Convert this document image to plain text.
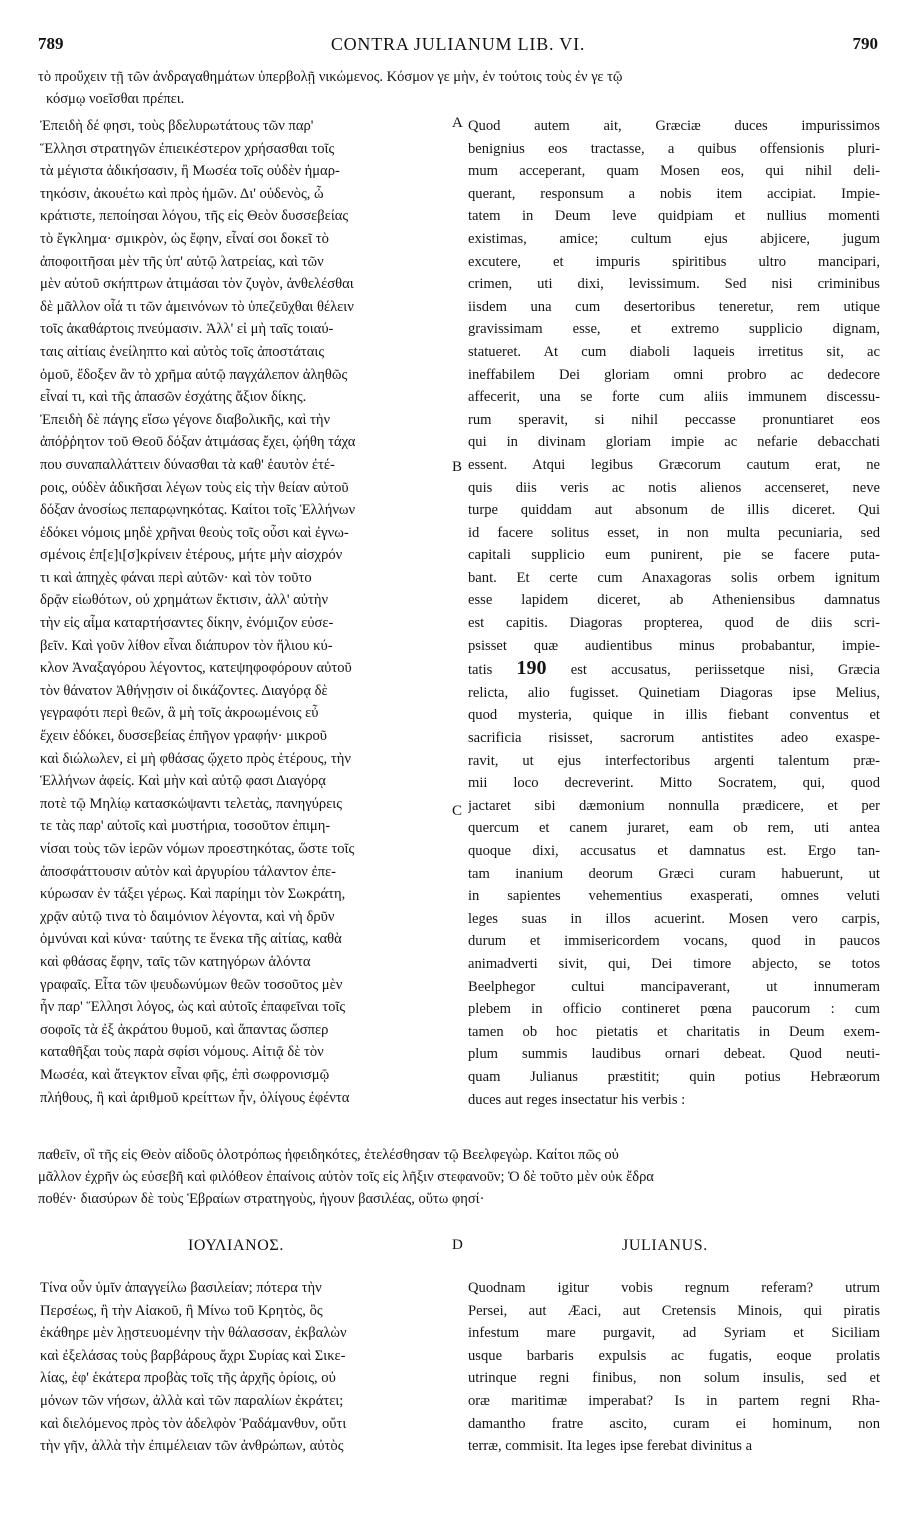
789	CONTRA JULIANUM LIB. VI.	790
τὸ προὔχειν τῇ τῶν ἀνδραγαθημάτων ὑπερβολῇ νικώμενος. Κόσμον γε μὴν, ἐν τούτοις τοὺς ἐν γε τῷ
κόσμῳ νοεῖσθαι πρέπει.
Ἐπειδὴ δέ φησι, τοὺς βδελυρωτάτους τῶν παρ'
Ἕλλησι στρατηγῶν ἐπιεικέστερον χρήσασθαι τοῖς
τὰ μέγιστα ἀδικήσασιν, ἢ Μωσέα τοῖς οὐδὲν ἡμαρ-
τηκόσιν, ἀκουέτω καὶ πρὸς ἡμῶν. Δι' οὐδενὸς, ὦ
κράτιστε, πεποίησαι λόγου, τῆς εἰς Θεὸν δυσσεβείας
τὸ ἔγκλημα· σμικρὸν, ὡς ἔφην, εἶναί σοι δοκεῖ τὸ
ἀποφοιτῆσαι μὲν τῆς ὑπ' αὐτῷ λατρείας, καὶ τῶν
μὲν αὐτοῦ σκήπτρων ἀτιμάσαι τὸν ζυγὸν, ἀνθελέσθαι
δὲ μᾶλλον οἷά τι τῶν ἀμεινόνων τὸ ὑπεζεῦχθαι θέλειν
τοῖς ἀκαθάρτοις πνεύμασιν. Ἀλλ' εἰ μὴ ταῖς τοιαύ-
ταις αἰτίαις ἐνείληπτο καὶ αὐτὸς τοῖς ἀποστάταις
ὁμοῦ, ἔδοξεν ἂν τὸ χρῆμα αὐτῷ παγχάλεπον ἀληθῶς
εἶναί τι, καὶ τῆς ἁπασῶν ἐσχάτης ἄξιον δίκης.
Ἐπειδὴ δὲ πάγης εἴσω γέγονε διαβολικῆς, καὶ τὴν
ἀπόῤῥητον τοῦ Θεοῦ δόξαν ἀτιμάσας ἔχει, ᾠήθη τάχα
που συναπαλλάττειν δύνασθαι τὰ καθ' ἑαυτὸν ἐτέ-
ροις, οὐδὲν ἀδικῆσαι λέγων τοὺς εἰς τὴν θείαν αὐτοῦ
δόξαν ἀνοσίως πεπαρῳνηκότας. Καίτοι τοῖς Ἑλλήνων
ἐδόκει νόμοις μηδὲ χρῆναι θεοὺς τοῖς οὖσι καὶ ἐγνω-
σμένοις ἐπ[ε]ι[σ]κρίνειν ἑτέρους, μήτε μὴν αἰσχρόν
τι καὶ ἀπηχὲς φάναι περὶ αὐτῶν· καὶ τὸν τοῦτο
δρᾷν εἰωθότων, οὐ χρημάτων ἔκτισιν, ἀλλ' αὐτὴν
τὴν εἰς αἷμα καταρτήσαντες δίκην, ἐνόμιζον εὐσε-
βεῖν. Καὶ γοῦν λίθον εἶναι διάπυρον τὸν ἥλιου κύ-
κλον Ἀναξαγόρου λέγοντος, κατεψηφοφόρουν αὐτοῦ
τὸν θάνατον Ἀθήνῃσιν οἱ δικάζοντες. Διαγόρᾳ δὲ
γεγραφότι περὶ θεῶν, ἃ μὴ τοῖς ἀκροωμένοις εὖ
ἔχειν ἐδόκει, δυσσεβείας ἐπῆγον γραφήν· μικροῦ
καὶ διώλωλεν, εἰ μὴ φθάσας ᾤχετο πρὸς ἑτέρους, τὴν
Ἑλλήνων ἀφείς. Καὶ μὴν καὶ αὐτῷ φασι Διαγόρᾳ
ποτὲ τῷ Μηλίῳ κατασκώψαντι τελετὰς, πανηγύρεις
τε τὰς παρ' αὐτοῖς καὶ μυστήρια, τοσοῦτον ἐπιμη-
νίσαι τοὺς τῶν ἱερῶν νόμων προεστηκότας, ὥστε τοῖς
ἀποσφάττουσιν αὐτὸν καὶ ἀργυρίου τάλαντον ἐπε-
κύρωσαν ἐν τάξει γέρως. Καὶ παρίημι τὸν Σωκράτη,
χρᾷν αὐτῷ τινα τὸ δαιμόνιον λέγοντα, καὶ νὴ δρῦν
ὀμνύναι καὶ κύνα· ταύτης τε ἕνεκα τῆς αἰτίας, καθὰ
καὶ φθάσας ἔφην, ταῖς τῶν κατηγόρων ἁλόντα
γραφαῖς. Εἶτα τῶν ψευδωνύμων θεῶν τοσοῦτος μὲν
ἦν παρ' Ἕλλησι λόγος, ὡς καὶ αὐτοῖς ἐπαφεῖναι τοῖς
σοφοῖς τὰ ἐξ ἀκράτου θυμοῦ, καὶ ἅπαντας ὥσπερ
καταθῆξαι τοὺς παρὰ σφίσι νόμους. Αἰτιᾷ δὲ τὸν
Μωσέα, καὶ ἄτεγκτον εἶναι φῆς, ἐπὶ σωφρονισμῷ
πλήθους, ἢ καὶ ἀριθμοῦ κρείττων ἦν, ὀλίγους ἐφέντα
Quod autem ait, Græciæ duces impurissimos
benignius eos tractasse, a quibus offensionis pluri-
mum acceperant, quam Mosen eos, qui nihil deli-
querant, responsum a nobis item accipiat. Impie-
tatem in Deum leve quidpiam et nullius momenti
existimas, amice; cultum ejus abjicere, jugum
excutere, et impuris spiritibus ultro mancipari,
crimen, uti dixi, levissimum. Sed nisi criminibus
iisdem una cum desertoribus teneretur, rem utique
gravissimam esse, et extremo supplicio dignam,
statueret. At cum diaboli laqueis irretitus sit, ac
ineffabilem Dei gloriam omni probro ac dedecore
affecerit, una se forte cum aliis immunem discessu-
rum speravit, si nihil peccasse pronuntiaret eos
qui in divinam gloriam impie ac nefarie debacchati
essent. Atqui legibus Græcorum cautum erat, ne
quis diis veris ac notis alienos accenseret, neve
turpe quiddam aut absonum de illis diceret. Qui
id facere solitus esset, in non multa pecuniaria, sed
capitali supplicio eum punirent, pie se facere puta-
bant. Et certe cum Anaxagoras solis orbem ignitum
esse lapidem diceret, ab Atheniensibus damnatus
est capitis. Diagoras propterea, quod de diis scri-
psisset quæ audientibus minus probabantur, impie-
tatis 190 est accusatus, periissetque nisi, Græcia
relicta, alio fugisset. Quinetiam Diagoras ipse Melius,
quod mysteria, quique in illis fiebant conventus et
sacrificia risisset, sacrorum antistites adeo exaspe-
ravit, ut ejus interfectoribus argenti talentum præ-
mii loco decreverint. Mitto Socratem, qui, quod
jactaret sibi dæmonium nonnulla prædicere, et per
quercum et canem juraret, eam ob rem, uti antea
quoque dixi, accusatus et damnatus est. Ergo tan-
tam inanium deorum Græci curam habuerunt, ut
in sapientes vehementius exasperati, omnes veluti
leges suas in illos acuerint. Mosen vero carpis,
durum et immisericordem vocans, quod in paucos
animadverti sivit, qui, Dei timore abjecto, se totos
Beelphegor cultui mancipaverant, ut innumeram
plebem in officio contineret pœna paucorum : cum
tamen ob hoc pietatis et charitatis in Deum exem-
plum summis laudibus ornari debeat. Quod neuti-
quam Julianus præstitit; quin potius Hebræorum
duces aut reges insectatur his verbis :
A
B
C
D
παθεῖν, οἳ τῆς εἰς Θεὸν αἰδοῦς ὁλοτρόπως ἠφειδηκότες, ἐτελέσθησαν τῷ Βεελφεγὼρ. Καίτοι πῶς οὐ
μᾶλλον ἐχρῆν ὡς εὐσεβῆ καὶ φιλόθεον ἐπαίνοις αὐτὸν τοῖς εἰς λῆξιν στεφανοῦν; Ὁ δὲ τοῦτο μὲν οὐκ ἔδρα
ποθέν· διασύρων δὲ τοὺς Ἑβραίων στρατηγοὺς, ἡγουν βασιλέας, οὕτω φησί·
ΙΟΥΛΙΑΝΟΣ.	JULIANUS.
Τίνα οὖν ὑμῖν ἀπαγγείλω βασιλείαν; πότερα τὴν
Περσέως, ἢ τὴν Αἰακοῦ, ἢ Μίνω τοῦ Κρητὸς, ὃς
ἐκάθηρε μὲν λῃστευομένην τὴν θάλασσαν, ἐκβαλὼν
καὶ ἐξελάσας τοὺς βαρβάρους ἄχρι Συρίας καὶ Σικε-
λίας, ἐφ' ἑκάτερα προβὰς τοῖς τῆς ἀρχῆς ὁρίοις, οὐ
μόνων τῶν νήσων, ἀλλὰ καὶ τῶν παραλίων ἐκράτει;
καὶ διελόμενος πρὸς τὸν ἀδελφὸν Ῥαδάμανθυν, οὔτι
τὴν γῆν, ἀλλὰ τὴν ἐπιμέλειαν τῶν ἀνθρώπων, αὐτὸς
Quodnam igitur vobis regnum referam? utrum
Persei, aut Æaci, aut Cretensis Minois, qui piratis
infestum mare purgavit, ad Syriam et Siciliam
usque barbaris expulsis ac fugatis, eoque prolatis
utrinque regni finibus, non solum insulis, sed et
oræ maritimæ imperabat? Is in partem regni Rha-
damantho fratre ascito, curam ei hominum, non
terræ, commisit. Ita leges ipse ferebat divinitus a
